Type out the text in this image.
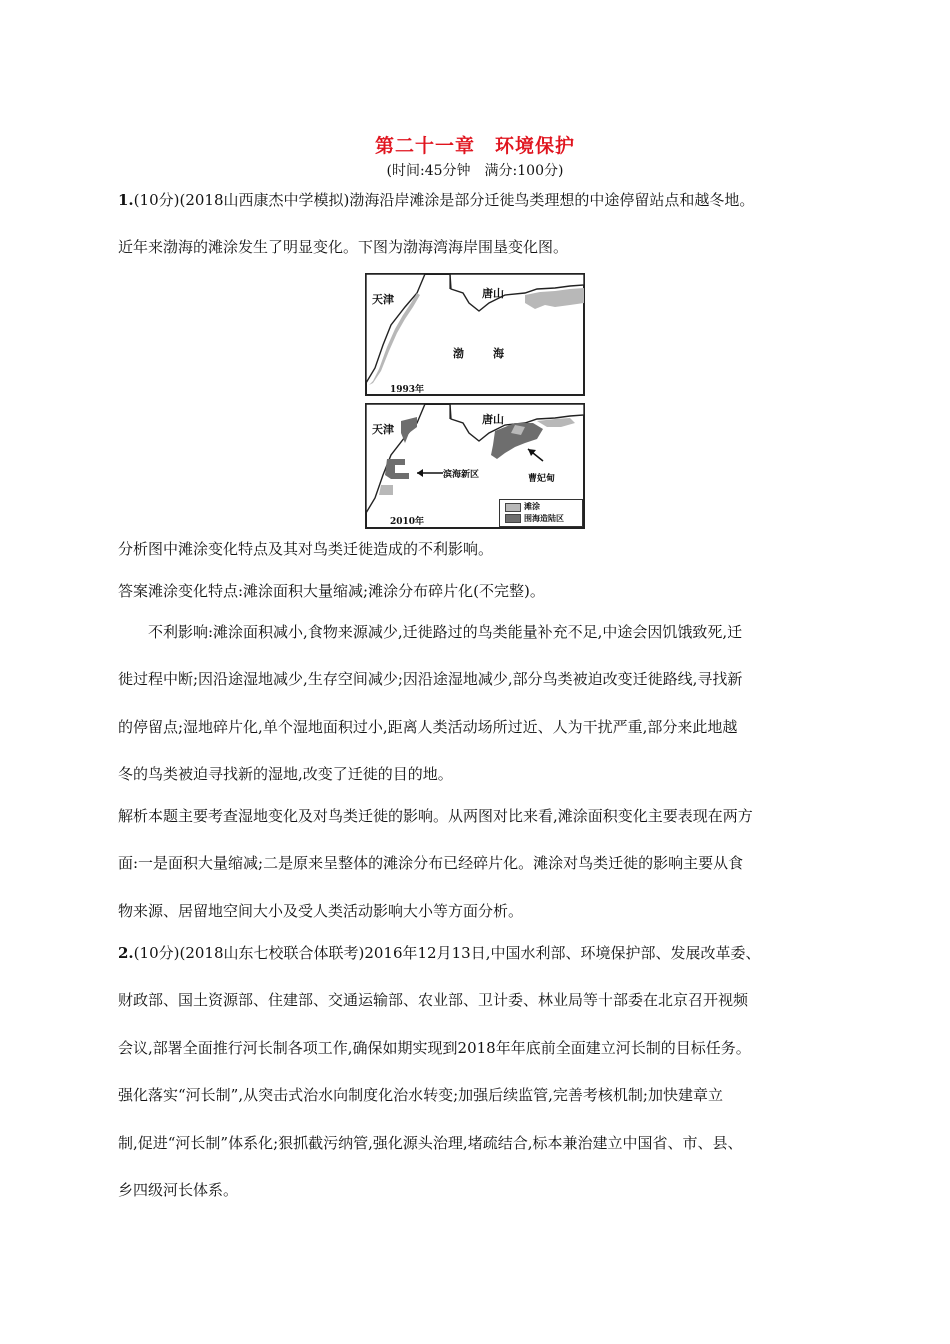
第二十一章　环境保护
(时间:45分钟　满分:100分)
1.(10分)(2018山西康杰中学模拟)渤海沿岸滩涂是部分迁徙鸟类理想的中途停留站点和越冬地。
近年来渤海的滩涂发生了明显变化。下图为渤海湾海岸围垦变化图。
天津	唐山
渤	海
1993年
天津
唐山
滨海新区	曹妃甸
2010年
滩涂
围海造陆区
分析图中滩涂变化特点及其对鸟类迁徙造成的不利影响。
答案滩涂变化特点:滩涂面积大量缩减;滩涂分布碎片化(不完整)。
不利影响:滩涂面积减小,食物来源减少,迁徙路过的鸟类能量补充不足,中途会因饥饿致死,迁
徙过程中断;因沿途湿地减少,生存空间减少;因沿途湿地减少,部分鸟类被迫改变迁徙路线,寻找新
的停留点;湿地碎片化,单个湿地面积过小,距离人类活动场所过近、人为干扰严重,部分来此地越
冬的鸟类被迫寻找新的湿地,改变了迁徙的目的地。
解析本题主要考查湿地变化及对鸟类迁徙的影响。从两图对比来看,滩涂面积变化主要表现在两方
面:一是面积大量缩减;二是原来呈整体的滩涂分布已经碎片化。滩涂对鸟类迁徙的影响主要从食
物来源、居留地空间大小及受人类活动影响大小等方面分析。
2.(10分)(2018山东七校联合体联考)2016年12月13日,中国水利部、环境保护部、发展改革委、
财政部、国土资源部、住建部、交通运输部、农业部、卫计委、林业局等十部委在北京召开视频
会议,部署全面推行河长制各项工作,确保如期实现到2018年年底前全面建立河长制的目标任务。
强化落实“河长制”,从突击式治水向制度化治水转变;加强后续监管,完善考核机制;加快建章立
制,促进“河长制”体系化;狠抓截污纳管,强化源头治理,堵疏结合,标本兼治建立中国省、市、县、
乡四级河长体系。
